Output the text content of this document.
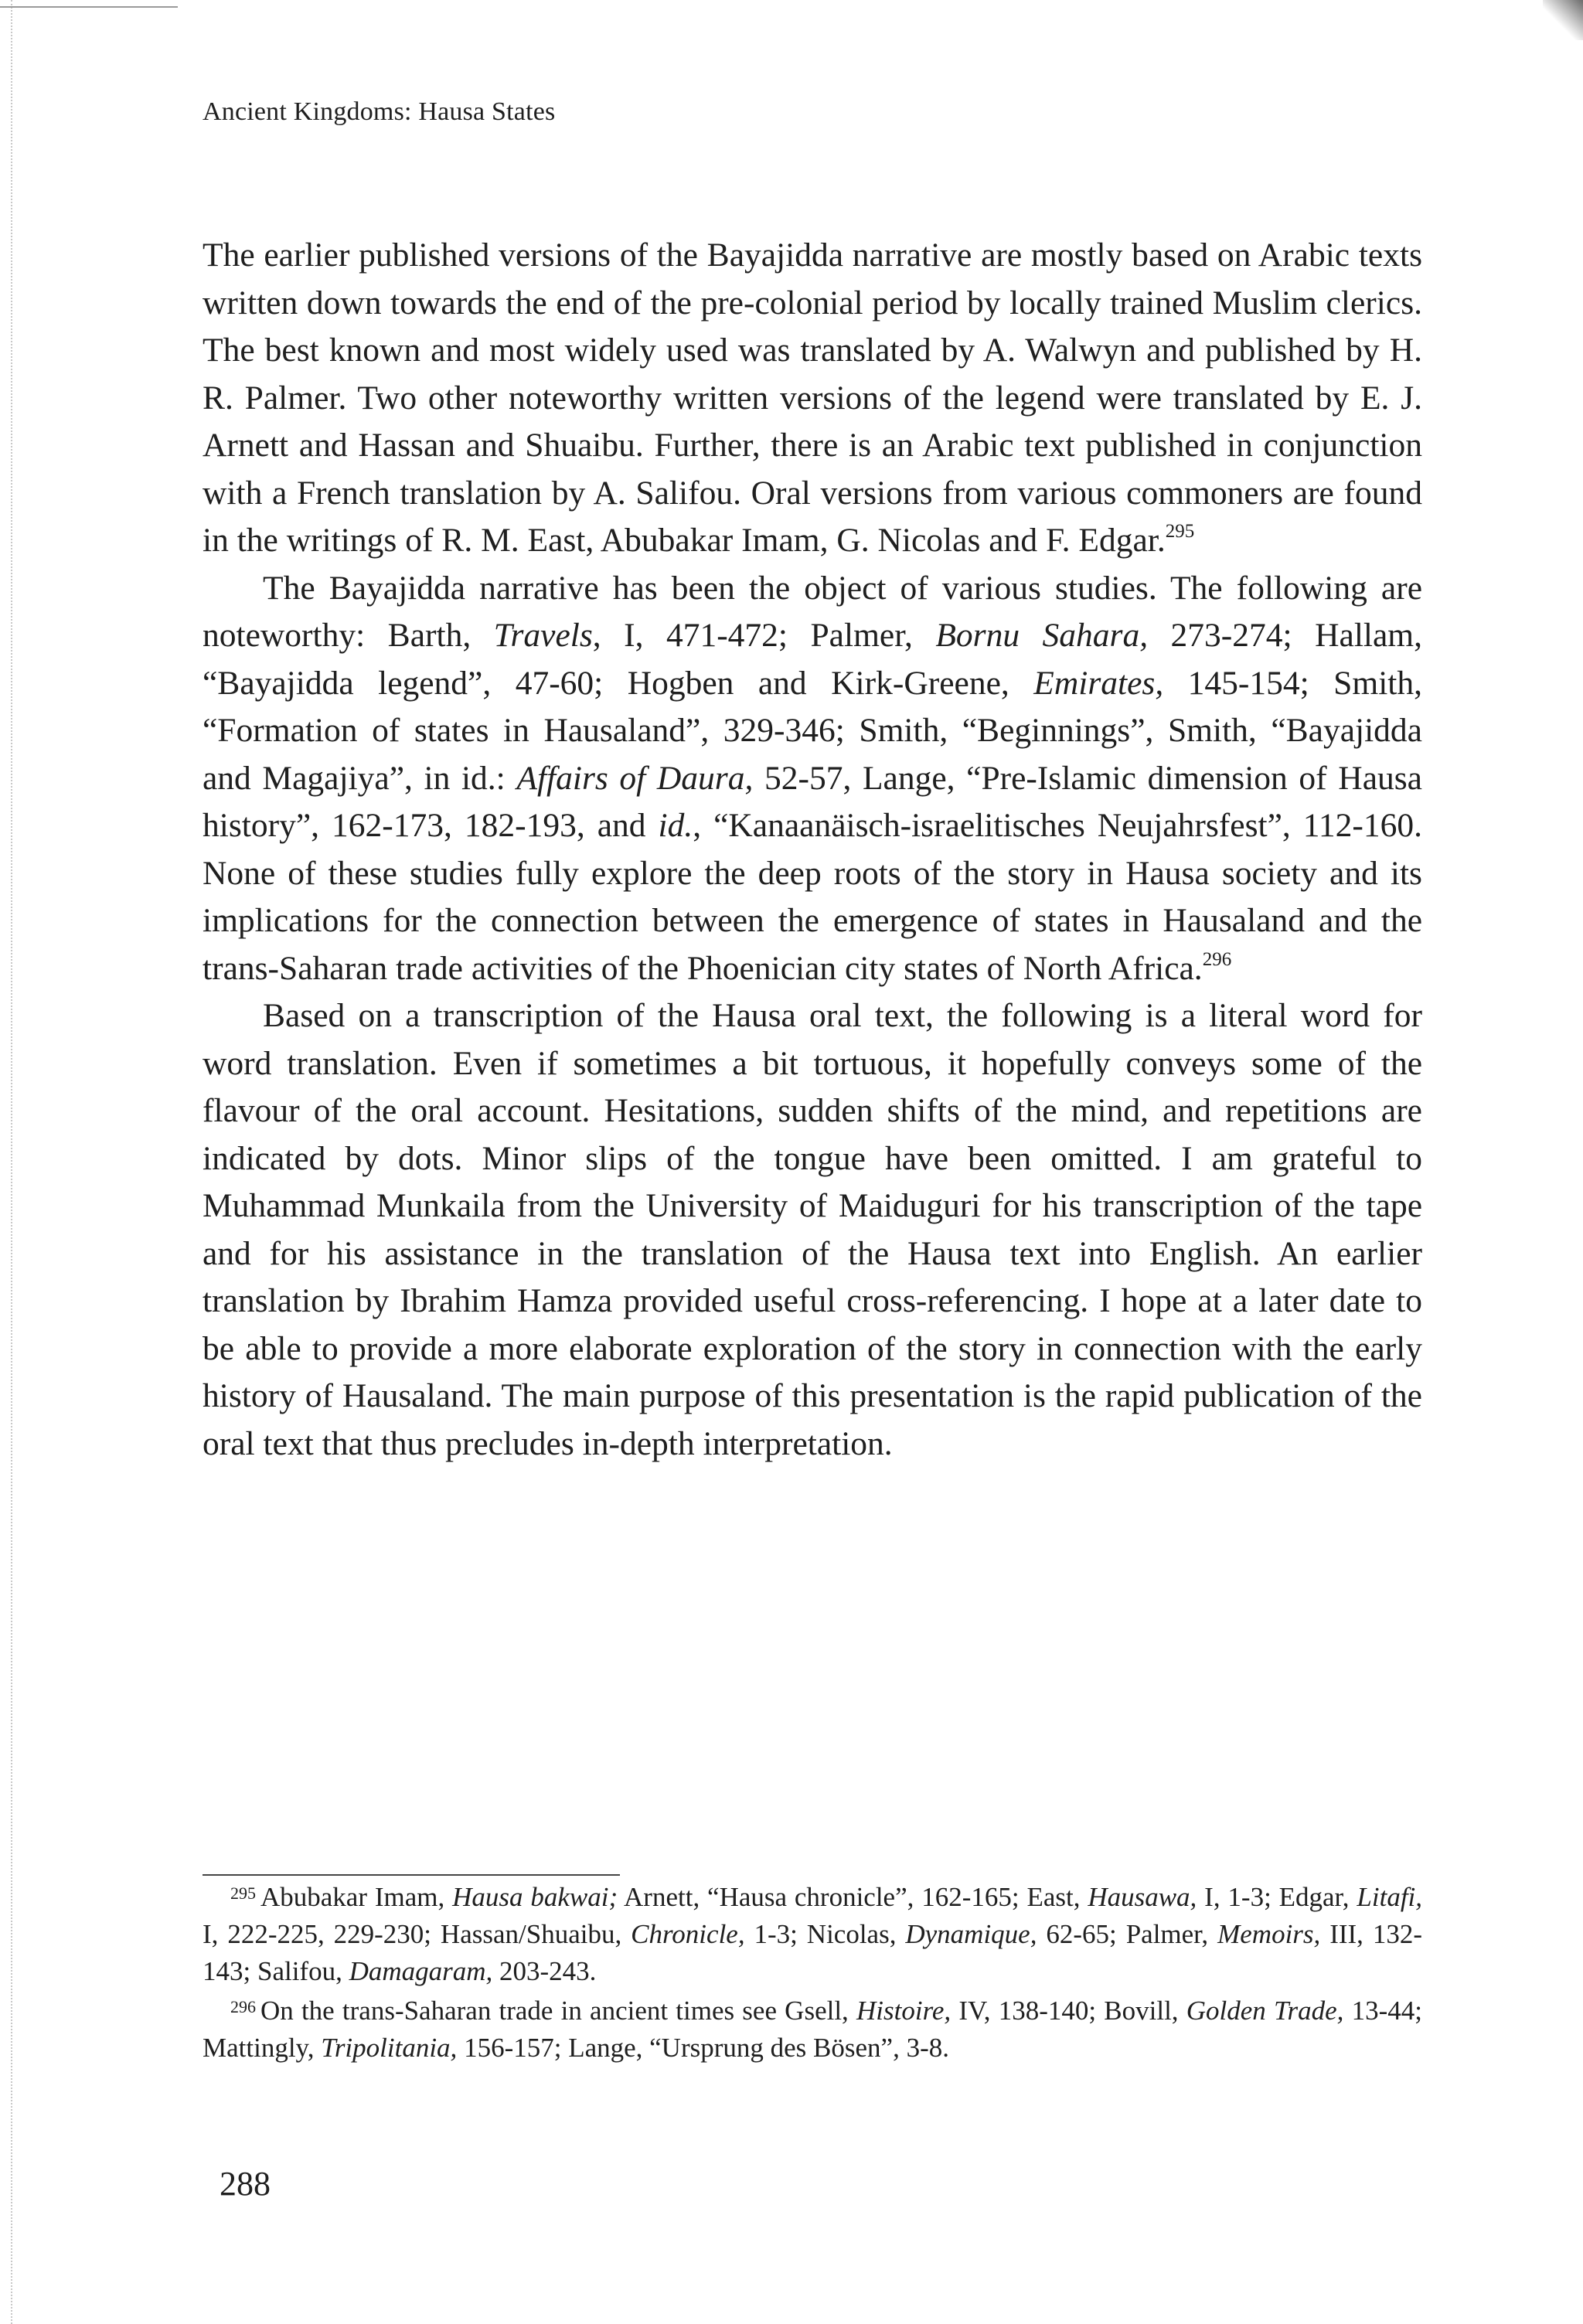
Ancient Kingdoms: Hausa States

The earlier published versions of the Bayajidda narrative are mostly based on Arabic texts written down towards the end of the pre-colonial period by locally trained Muslim clerics. The best known and most widely used was translated by A. Walwyn and published by H. R. Palmer. Two other noteworthy written versions of the legend were translated by E. J. Arnett and Hassan and Shuaibu. Further, there is an Arabic text published in conjunction with a French translation by A. Salifou. Oral versions from various commoners are found in the writings of R. M. East, Abubakar Imam, G. Nicolas and F. Edgar.$^{295}$

The Bayajidda narrative has been the object of various studies. The following are noteworthy: Barth, Travels, I, 471-472; Palmer, Bornu Sahara, 273-274; Hallam, “Bayajidda legend”, 47-60; Hogben and Kirk-Greene, Emirates, 145-154; Smith, “Formation of states in Hausaland”, 329-346; Smith, “Beginnings”, Smith, “Bayajidda and Magajiya”, in id.: Affairs of Daura, 52-57, Lange, “Pre-Islamic dimension of Hausa history”, 162-173, 182-193, and id., “Kanaanäisch-israelitisches Neujahrsfest”, 112-160. None of these studies fully explore the deep roots of the story in Hausa society and its implications for the connection between the emergence of states in Hausaland and the trans-Saharan trade activities of the Phoenician city states of North Africa.$^{296}$

Based on a transcription of the Hausa oral text, the following is a literal word for word translation. Even if sometimes a bit tortuous, it hopefully conveys some of the flavour of the oral account. Hesitations, sudden shifts of the mind, and repetitions are indicated by dots. Minor slips of the tongue have been omitted. I am grateful to Muhammad Munkaila from the University of Maiduguri for his transcription of the tape and for his assistance in the translation of the Hausa text into English. An earlier translation by Ibrahim Hamza provided useful cross-referencing. I hope at a later date to be able to provide a more elaborate exploration of the story in connection with the early history of Hausaland. The main purpose of this presentation is the rapid publication of the oral text that thus precludes in-depth interpretation.

$^{295}$ Abubakar Imam, Hausa bakwai; Arnett, “Hausa chronicle”, 162-165; East, Hausawa, I, 1-3; Edgar, Litafi, I, 222-225, 229-230; Hassan/Shuaibu, Chronicle, 1-3; Nicolas, Dynamique, 62-65; Palmer, Memoirs, III, 132-143; Salifou, Damagaram, 203-243.

$^{296}$ On the trans-Saharan trade in ancient times see Gsell, Histoire, IV, 138-140; Bovill, Golden Trade, 13-44; Mattingly, Tripolitania, 156-157; Lange, “Ursprung des Bösen”, 3-8.

288
